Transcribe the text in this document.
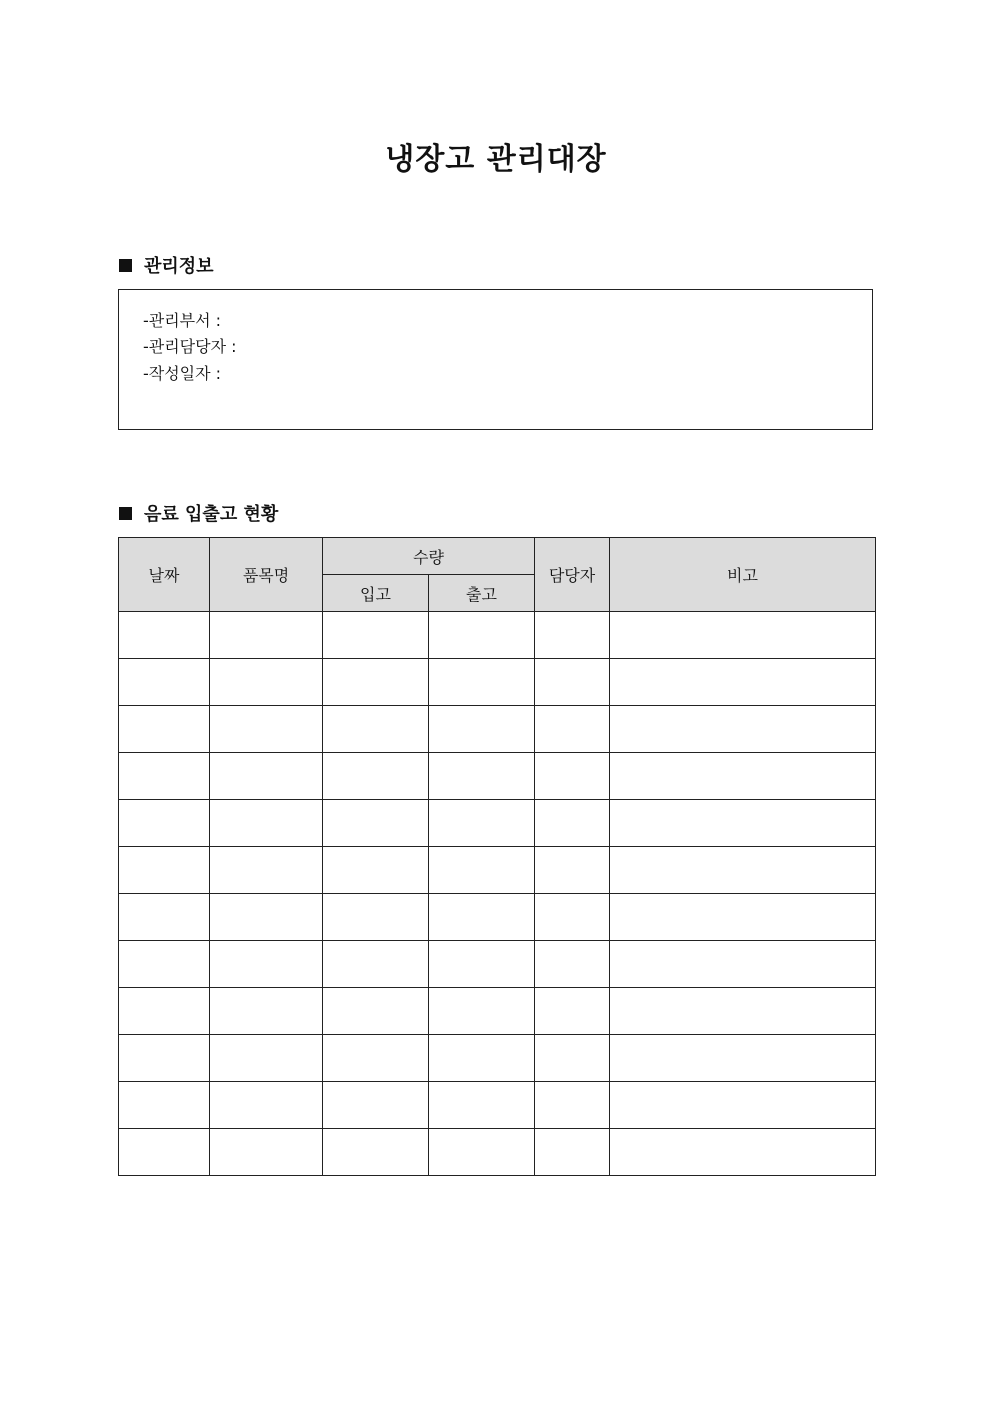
냉장고 관리대장
관리정보
-관리부서 :
-관리담당자 :
-작성일자 :
음료 입출고 현황
날짜	품목명	수량		담당자	비고
		입고	출고		
